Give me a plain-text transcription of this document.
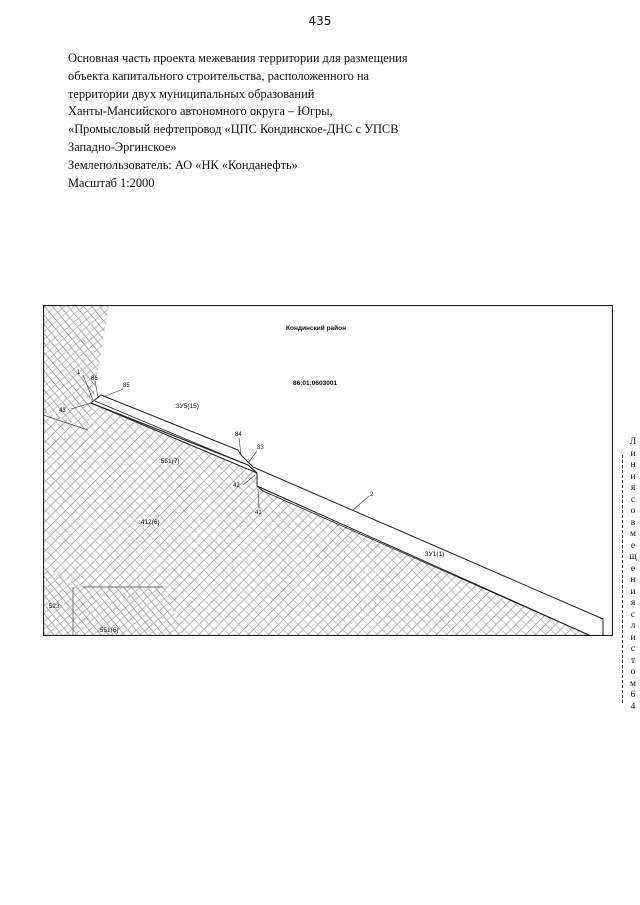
435
Основная часть проекта межевания территории для размещения
объекта капитального строительства, расположенного на
территории двух муниципальных образований
Ханты-Мансийского автономного округа – Югры,
«Промысловый нефтепровод «ЦПС Кондинское-ДНС с УПСВ
Западно-Эргинское»
Землепользователь: АО «НК «Конданефть»
Масштаб 1:2000
Кондинский район
86:01:0603001
:ЗУ5(15)
:ЗУ1(1)
:551(7)
:412(6)
:523
:551(6)
1
86
85
43
84
83
42
41
2
Л
и
н
и
я
с
о
в
м
е
щ
е
н
и
я
с
л
и
с
т
о
м
6
4
